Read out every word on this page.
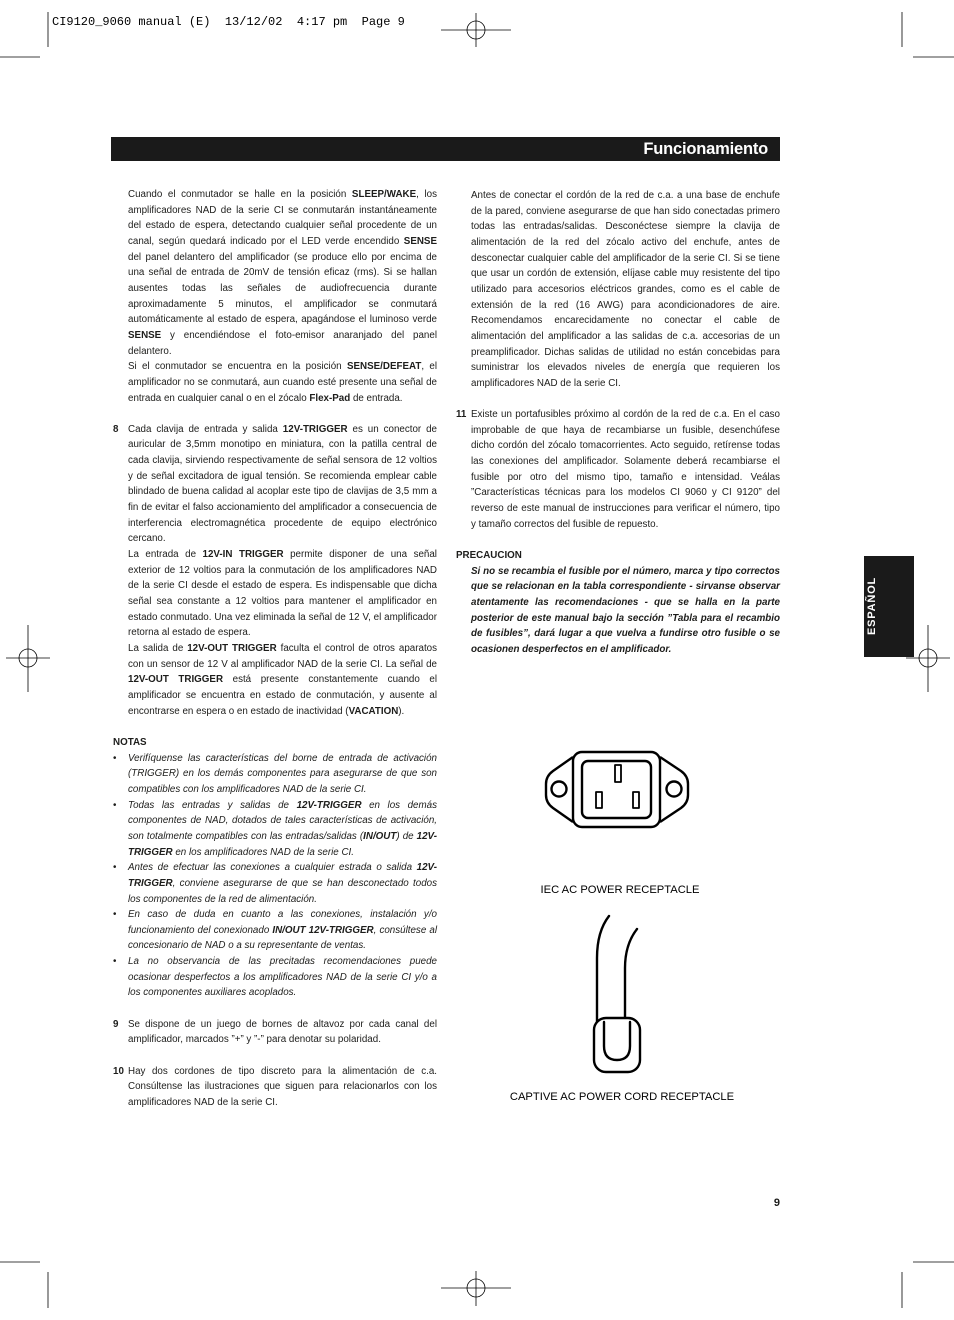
CI9120_9060 manual (E)  13/12/02  4:17 pm  Page 9
Funcionamiento

Cuando el conmutador se halle en la posición SLEEP/WAKE, los amplificadores NAD de la serie CI se conmutarán instantáneamente del estado de espera, detectando cualquier señal procedente de un canal, según quedará indicado por el LED verde encendido SENSE del panel delantero del amplificador (se produce ello por encima de una señal de entrada de 20mV de tensión eficaz (rms). Si se hallan ausentes todas las señales de audiofrecuencia durante aproximadamente 5 minutos, el amplificador se conmutará automáticamente al estado de espera, apagándose el luminoso verde SENSE y encendiéndose el foto-emisor anaranjado del panel delantero.

Si el conmutador se encuentra en la posición SENSE/DEFEAT, el amplificador no se conmutará, aun cuando esté presente una señal de entrada en cualquier canal o en el zócalo Flex-Pad de entrada.

8 Cada clavija de entrada y salida 12V-TRIGGER es un conector de auricular de 3,5mm monotipo en miniatura, con la patilla central de cada clavija, sirviendo respectivamente de señal sensora de 12 voltios y de señal excitadora de igual tensión. Se recomienda emplear cable blindado de buena calidad al acoplar este tipo de clavijas de 3,5 mm a fin de evitar el falso accionamiento del amplificador a consecuencia de interferencia electromagnética procedente de equipo electrónico cercano.

La entrada de 12V-IN TRIGGER permite disponer de una señal exterior de 12 voltios para la conmutación de los amplificadores NAD de la serie CI desde el estado de espera. Es indispensable que dicha señal sea constante a 12 voltios para mantener el amplificador en estado conmutado. Una vez eliminada la señal de 12 V, el amplificador retorna al estado de espera.

La salida de 12V-OUT TRIGGER faculta el control de otros aparatos con un sensor de 12 V al amplificador NAD de la serie CI. La señal de 12V-OUT TRIGGER está presente constantemente cuando el amplificador se encuentra en estado de conmutación, y ausente al encontrarse en espera o en estado de inactividad (VACATION).

NOTAS
• Verifíquense las características del borne de entrada de activación (TRIGGER) en los demás componentes para asegurarse de que son compatibles con los amplificadores NAD de la serie CI.

• Todas las entradas y salidas de 12V-TRIGGER en los demás componentes de NAD, dotados de tales características de activación, son totalmente compatibles con las entradas/salidas (IN/OUT) de 12V-TRIGGER en los amplificadores NAD de la serie CI.

• Antes de efectuar las conexiones a cualquier estrada o salida 12V-TRIGGER, conviene asegurarse de que se han desconectado todos los componentes de la red de alimentación.

• En caso de duda en cuanto a las conexiones, instalación y/o funcionamiento del conexionado IN/OUT 12V-TRIGGER, consúltese al concesionario de NAD o a su representante de ventas.

• La no observancia de las precitadas recomendaciones puede ocasionar desperfectos a los amplificadores NAD de la serie CI y/o a los componentes auxiliares acoplados.

9 Se dispone de un juego de bornes de altavoz por cada canal del amplificador, marcados ”+” y ”-” para denotar su polaridad.

10 Hay dos cordones de tipo discreto para la alimentación de c.a. Consúltense las ilustraciones que siguen para relacionarlos con los amplificadores NAD de la serie CI.

Antes de conectar el cordón de la red de c.a. a una base de enchufe de la pared, conviene asegurarse de que han sido conectadas primero todas las entradas/salidas. Desconéctese siempre la clavija de alimentación de la red del zócalo activo del enchufe, antes de desconectar cualquier cable del amplificador de la serie CI. Si se tiene que usar un cordón de extensión, elíjase cable muy resistente del tipo utilizado para accesorios eléctricos grandes, como es el cable de extensión de la red (16 AWG) para acondicionadores de aire. Recomendamos encarecidamente no conectar el cable de alimentación del amplificador a las salidas de c.a. accesorias de un preamplificador. Dichas salidas de utilidad no están concebidas para suministrar los elevados niveles de energía que requieren los amplificadores NAD de la serie CI.

11 Existe un portafusibles próximo al cordón de la red de c.a. En el caso improbable de que haya de recambiarse un fusible, desenchúfese dicho cordón del zócalo tomacorrientes. Acto seguido, retírense todas las conexiones del amplificador. Solamente deberá recambiarse el fusible por otro del mismo tipo, tamaño e intensidad. Veálas ”Características técnicas para los modelos CI 9060 y CI 9120” del reverso de este manual de instrucciones para verificar el número, tipo y tamaño correctos del fusible de repuesto.

PRECAUCION

Si no se recambia el fusible por el número, marca y tipo correctos que se relacionan en la tabla correspondiente - sirvanse observar atentamente las recomendaciones - que se halla en la parte posterior de este manual bajo la sección ”Tabla para el recambio de fusibles”, dará lugar a que vuelva a fundirse otro fusible o se ocasionen desperfectos en el amplificador.

IEC AC POWER RECEPTACLE
CAPTIVE AC POWER CORD RECEPTACLE
ESPAÑOL
9
